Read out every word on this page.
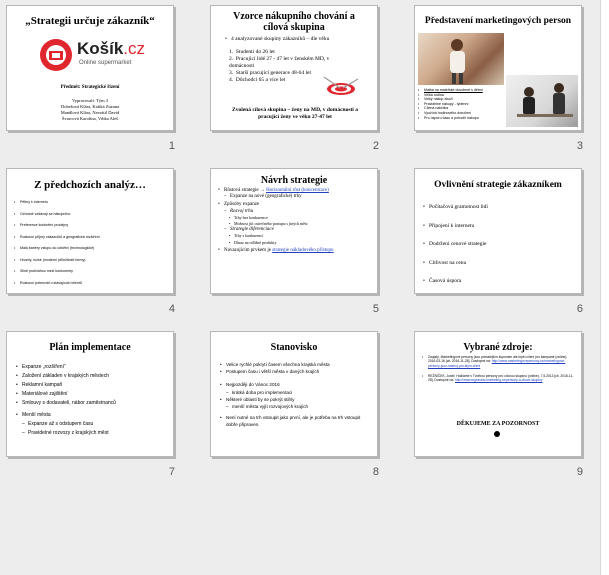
„Strategii určuje zákazník“
Košík.cz
Online supermarket
Předmět: Strategické řízení
Vypracovali: Tým 3
Dobešová Klára, Krátká Zuzana
Mandlová Klára, Navrátil David
Švarcová Karolína, Vrbka Aleš
1
Vzorce nákupního chování a cílová skupina
• 4 analyzované skupiny zákazníků – dle věku
1.  Studenti do 26 let
2.  Pracující lidé 27 - 47 let v ženském MD, v domácnosti
3.  Starší pracující generace 48-64 let
4.  Důchodci 65 a více let
Zvolená cílová skupina – ženy na MD, v domácnosti a pracující ženy ve věku 27-47 let
2
Představení marketingových person
• Matka na mateřské dovolené s dětmi
• Velká rodina
• Velký nákup zboží
• Pravidelné nákupy - týdenní
• Cílená nabídka
• Využívá hodinového doručení
• Pro úsporu času a pohodlí nákupu
3
Z předchozích analýz…
• Pětiny k internetu
• Ochotné vzdávají se nákupního
• Preference konkrétní prodejny
• Rostoucí příjmy zákazníků a geografická rozšíření
• Malá bariéry vstupu do odvětví (technologické)
• Hrozby, nízké (moderní příležitosti formy)
• Silně protiváhou mezi konkurenty
• Rostoucí potenciál u stávajících klientů
4
Návrh strategie
• Růstová strategie → Horizontální růst (koncentrace)
– Expanze na nové (geografické) trhy
• Způsoby expanze
– Rozvoj trhu
• Trhy bez konkurence
• Možnost jiít ostrečného postupu s jiných měst
– Strategie diferenciace
• Trhy s konkurencí
• Důraz na odlišné produkty
• Navazujícím prvkem je strategie nákladového přístupu
5
Ovlivnění strategie zákazníkem
• Počítačová gramotnost lidí
• Připojení k internetu
• Dodržení cenové strategie
• Citlivost na cenu
• Časová úspora
6
Plán implementace
• Expanze „rozšíření“
• Založení základen v krajských městech
• Reklamní kampaň
• Materiálové zajištění
• Smlouvy s dodavateli, nábor zaměstnanců
• Menší města
– Expanze až s odstupem času
– Pravidelné rozvozy z krajských měst
7
Stanovisko
• Velice rychlé pokrytí časem všechna krajská města
• Postupem času i větší města v daných krajích
• Nejpozději do Vánoc 2016
– krátká doba pro implementaci
• Některé oblasti by se pokrýt stihly
– menší města vyjít rozvojových krajích
• Není nutné na trh vstoupit jako první, ale je potřeba na trh vstoupit dobře připraven.
8
Vybrané zdroje:
• Zaujatý, Marketingové persony jsou pomalejším kuponem ale lepší cílení pro kampaně (online), 2016-03-16 [cit. 2016-11-28]. Dostupné na: http://www.marketingovepersony.cz/marketingove-persony-jsou-nastroj-pro-lepsi-cileni
• REŽNÍČEK, Josef. Hodláme v Tvorbou persony pro cílovou skupinu (online), 7.5.2013 [cit. 2016-11-28]. Dostupné na: http://www.regionalni-marketing.cz/persony-a-cilove-skupiny
DĚKUJEME ZA POZORNOST
9
